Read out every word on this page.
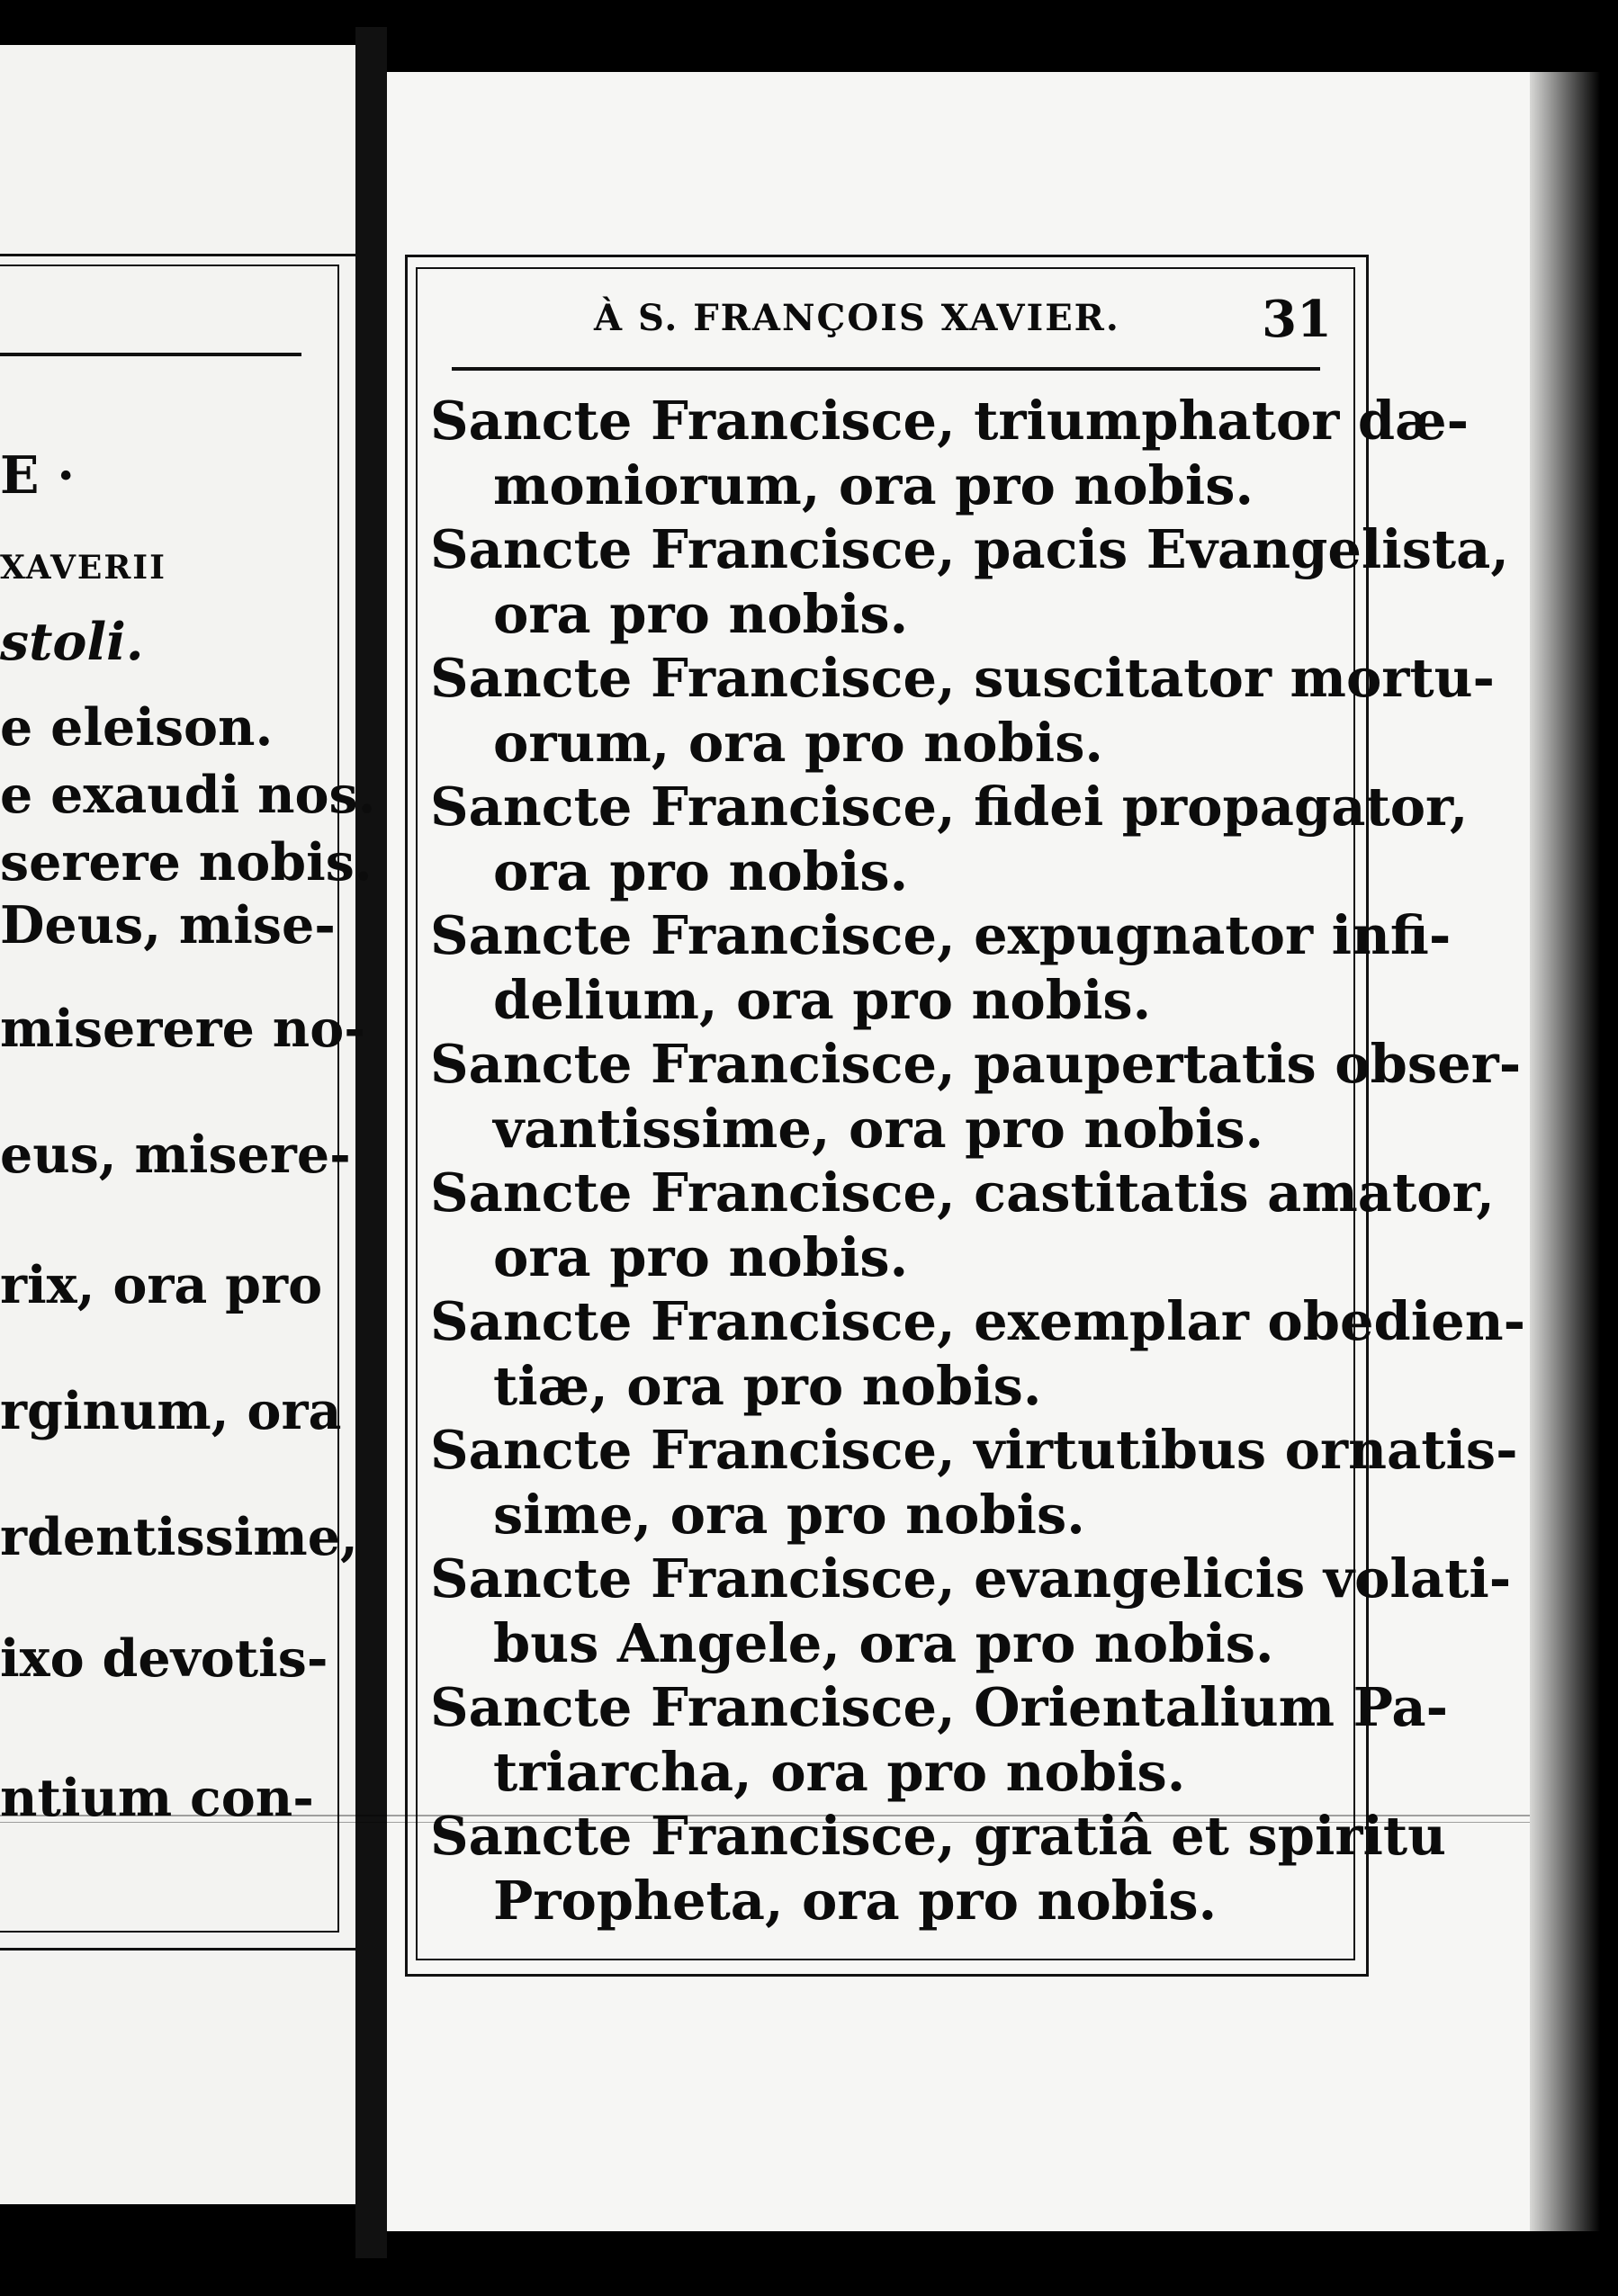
E ·
XAVERII
stoli.
e eleison.
e exaudi nos.
serere nobis.
Deus, mise-
miserere no-
eus, misere-
rix, ora pro
rginum, ora
rdentissime,
ixo devotis-
ntium con-
À S. FRANÇOIS XAVIER.	31
Sancte Francisce, triumphator dæ-
moniorum, ora pro nobis.
Sancte Francisce, pacis Evangelista,
ora pro nobis.
Sancte Francisce, suscitator mortu-
orum, ora pro nobis.
Sancte Francisce, fidei propagator,
ora pro nobis.
Sancte Francisce, expugnator infi-
delium, ora pro nobis.
Sancte Francisce, paupertatis obser-
vantissime, ora pro nobis.
Sancte Francisce, castitatis amator,
ora pro nobis.
Sancte Francisce, exemplar obedien-
tiæ, ora pro nobis.
Sancte Francisce, virtutibus ornatis-
sime, ora pro nobis.
Sancte Francisce, evangelicis volati-
bus Angele, ora pro nobis.
Sancte Francisce, Orientalium Pa-
triarcha, ora pro nobis.
Sancte Francisce, gratiâ et spiritu
Propheta, ora pro nobis.
